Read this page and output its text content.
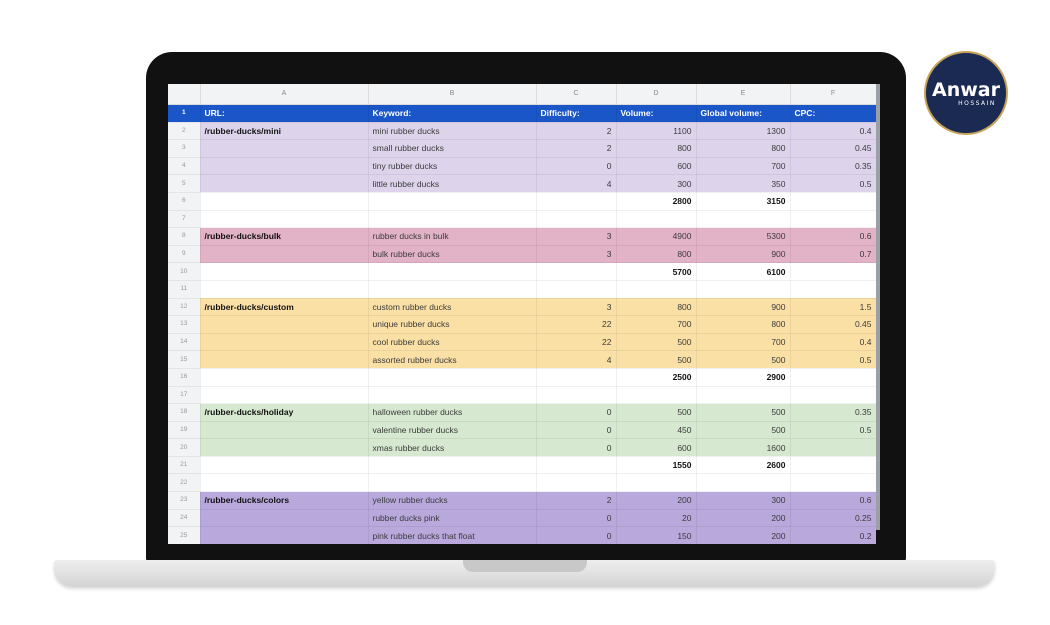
	A	B	C	D	E	F
1	URL:	Keyword:	Difficulty:	Volume:	Global volume:	CPC:
2	/rubber-ducks/mini	mini rubber ducks	2	1100	1300	0.4
3		small rubber ducks	2	800	800	0.45
4		tiny rubber ducks	0	600	700	0.35
5		little rubber ducks	4	300	350	0.5
6				2800	3150	
7						
8	/rubber-ducks/bulk	rubber ducks in bulk	3	4900	5300	0.6
9		bulk rubber ducks	3	800	900	0.7
10				5700	6100	
11						
12	/rubber-ducks/custom	custom rubber ducks	3	800	900	1.5
13		unique rubber ducks	22	700	800	0.45
14		cool rubber ducks	22	500	700	0.4
15		assorted rubber ducks	4	500	500	0.5
16				2500	2900	
17						
18	/rubber-ducks/holiday	halloween rubber ducks	0	500	500	0.35
19		valentine rubber ducks	0	450	500	0.5
20		xmas rubber ducks	0	600	1600	
21				1550	2600	
22						
23	/rubber-ducks/colors	yellow rubber ducks	2	200	300	0.6
24		rubber ducks pink	0	20	200	0.25
25		pink rubber ducks that float	0	150	200	0.2
Anwar
HOSSAIN
